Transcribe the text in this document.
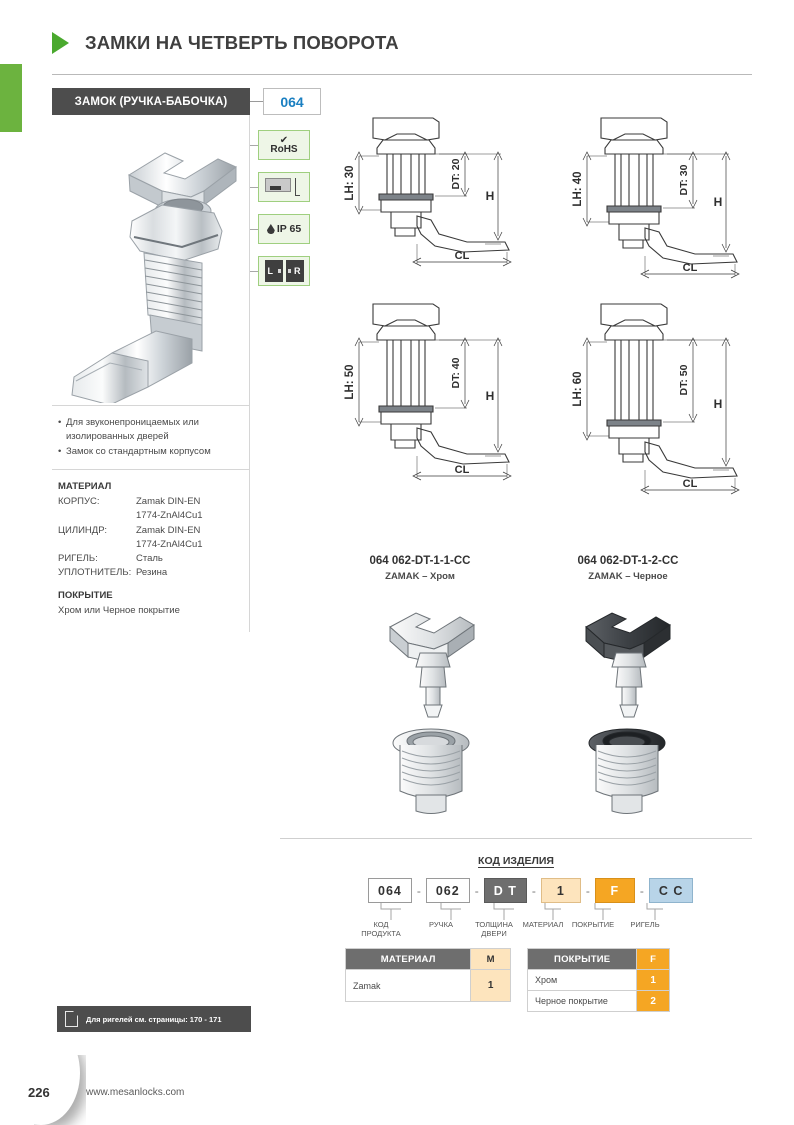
ЗАМКИ НА ЧЕТВЕРТЬ ПОВОРОТА
ЗАМОК (РУЧКА-БАБОЧКА)	064
• Для звуконепроницаемых или изолированных дверей
• Замок со стандартным корпусом
МАТЕРИАЛ
КОРПУС:	Zamak DIN-EN
1774-ZnAl4Cu1
ЦИЛИНДР:	Zamak DIN-EN
1774-ZnAl4Cu1
РИГЕЛЬ:	Сталь
УПЛОТНИТЕЛЬ: Резина
ПОКРЫТИЕ
Хром или Черное покрытие
✔
RoHS
IP 65
L R
LH: 30	DT: 20
H
CL
LH: 40	DT: 30
H
CL
LH: 50	DT: 40
H
CL
LH: 60	DT: 50
H
CL
064 062-DT-1-1-CC
ZAMAK – Хром
064 062-DT-1-2-CC
ZAMAK – Черное
КОД ИЗДЕЛИЯ
064	-	062	-	D T	-	1	-	F	-	C C
КОД
ПРОДУКТА
РУЧКА	ТОЛЩИНА
ДВЕРИ
МАТЕРИАЛ	ПОКРЫТИЕ	РИГЕЛЬ
МАТЕРИАЛ	M
Zamak	1
ПОКРЫТИЕ	F
Хром	1
Черное покрытие	2
Для ригелей см. страницы: 170 - 171
226	www.mesanlocks.com
